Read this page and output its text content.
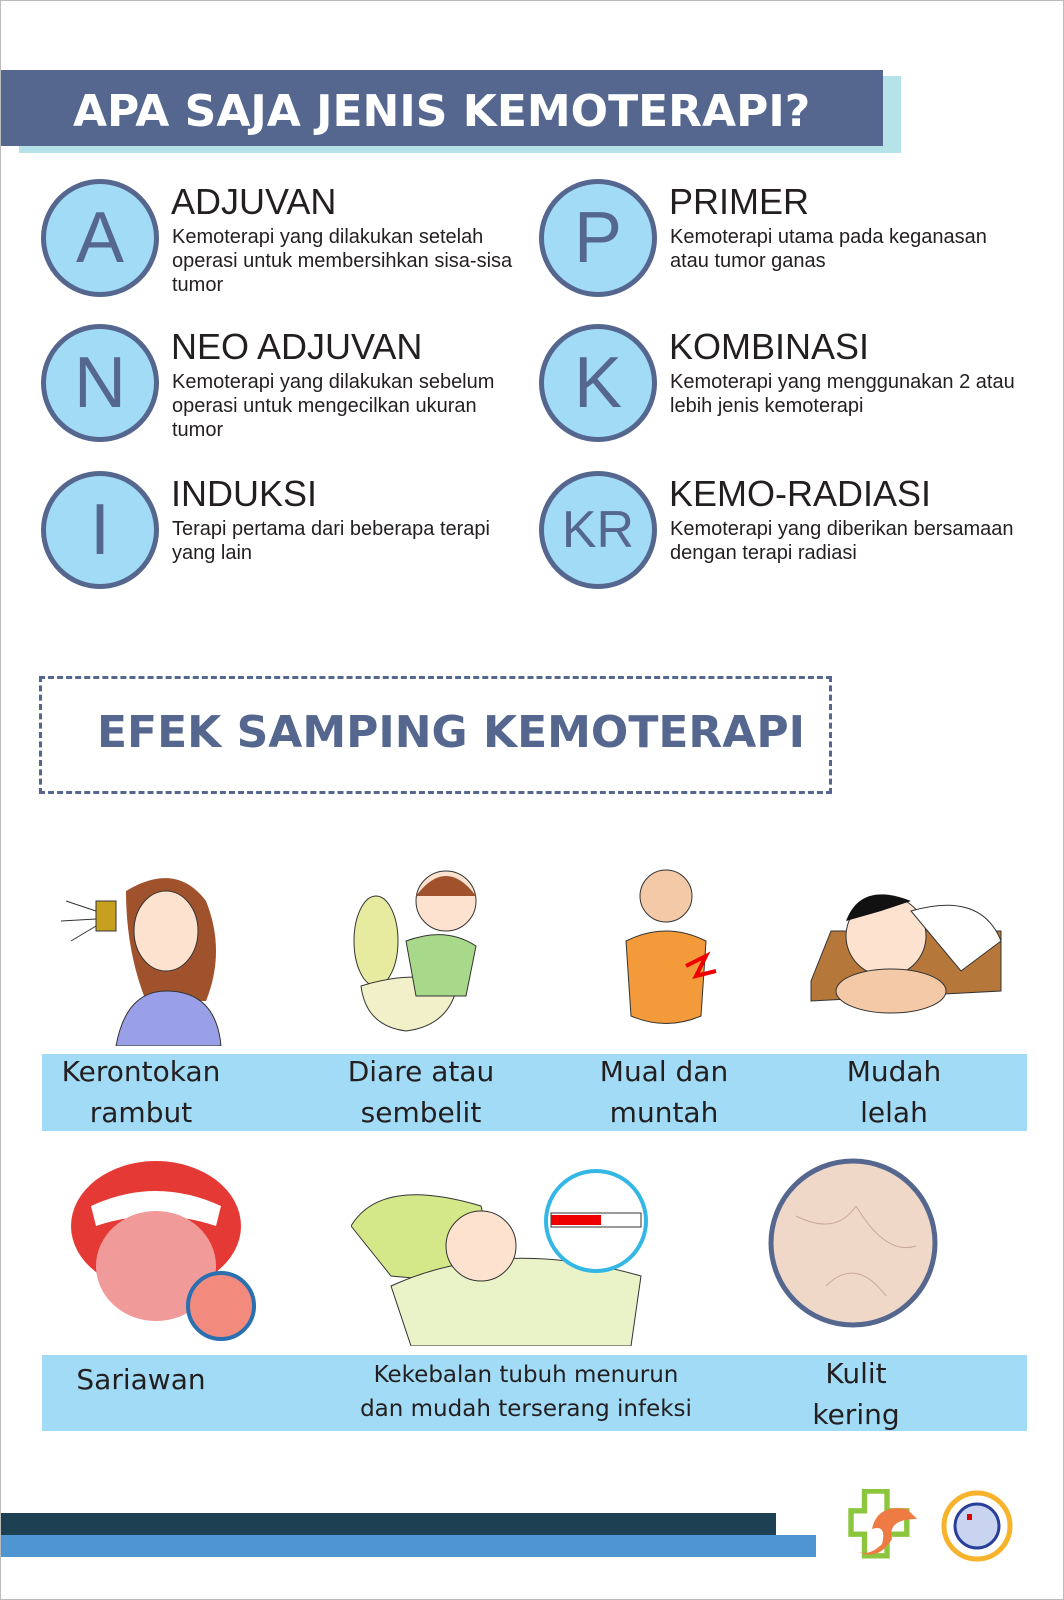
APA SAJA JENIS KEMOTERAPI?
A	ADJUVAN

Kemoterapi yang dilakukan setelah operasi untuk membersihkan sisa-sisa tumor

P	PRIMER

Kemoterapi utama pada keganasan atau tumor ganas

N	NEO ADJUVAN

Kemoterapi yang dilakukan sebelum operasi untuk mengecilkan ukuran tumor

K	KOMBINASI

Kemoterapi yang menggunakan 2 atau lebih jenis kemoterapi

I	INDUKSI

Terapi pertama dari beberapa terapi yang lain	KR
KEMO-RADIASI

Kemoterapi yang diberikan bersamaan dengan terapi radiasi

EFEK SAMPING KEMOTERAPI
Kerontokan
rambut
Diare atau
sembelit
Mual dan
muntah
Mudah
lelah
Sariawan	Kekebalan tubuh menurun
dan mudah terserang infeksi
Kulit
kering
